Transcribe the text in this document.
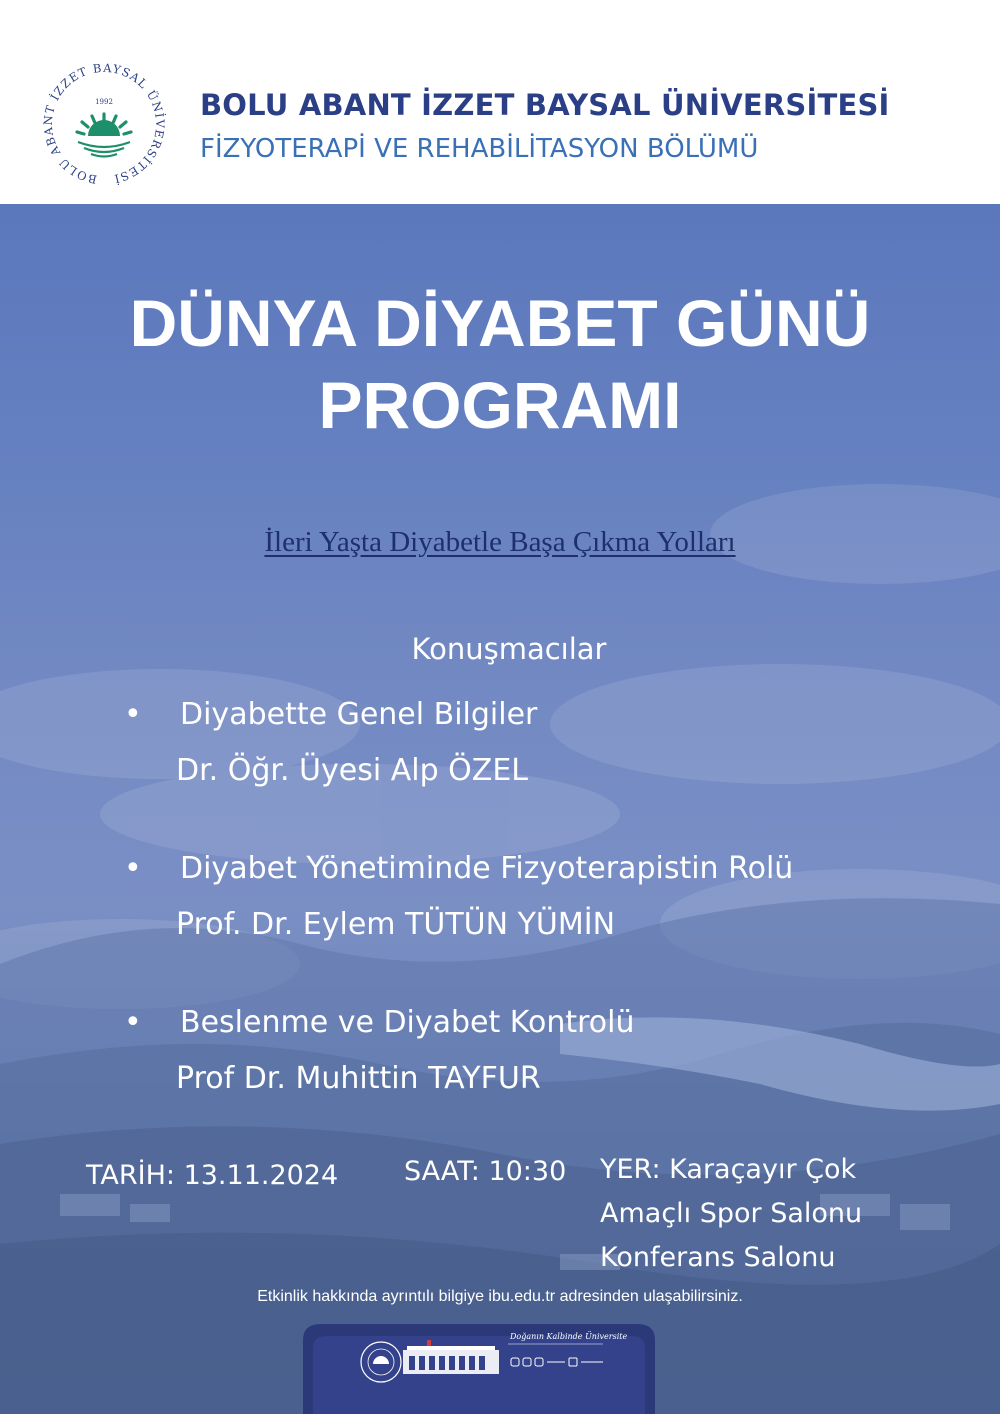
BOLU ABANT İZZET BAYSAL ÜNİVERSİTESİ
1992	BOLU ABANT İZZET BAYSAL ÜNİVERSİTESİ
FİZYOTERAPİ VE REHABİLİTASYON BÖLÜMÜ
DÜNYA DİYABET GÜNÜ
PROGRAMI
İleri Yaşta Diyabetle Başa Çıkma Yolları
Konuşmacılar
• Diyabette Genel Bilgiler
Dr. Öğr. Üyesi Alp ÖZEL
• Diyabet Yönetiminde Fizyoterapistin Rolü
Prof. Dr. Eylem TÜTÜN YÜMİN
• Beslenme ve Diyabet Kontrolü
Prof Dr. Muhittin TAYFUR
TARİH: 13.11.2024 SAAT: 10:30 YER: Karaçayır Çok
Amaçlı Spor Salonu
Konferans Salonu
Etkinlik hakkında ayrıntılı bilgiye ibu.edu.tr adresinden ulaşabilirsiniz.
Doğanın Kalbinde Üniversite
